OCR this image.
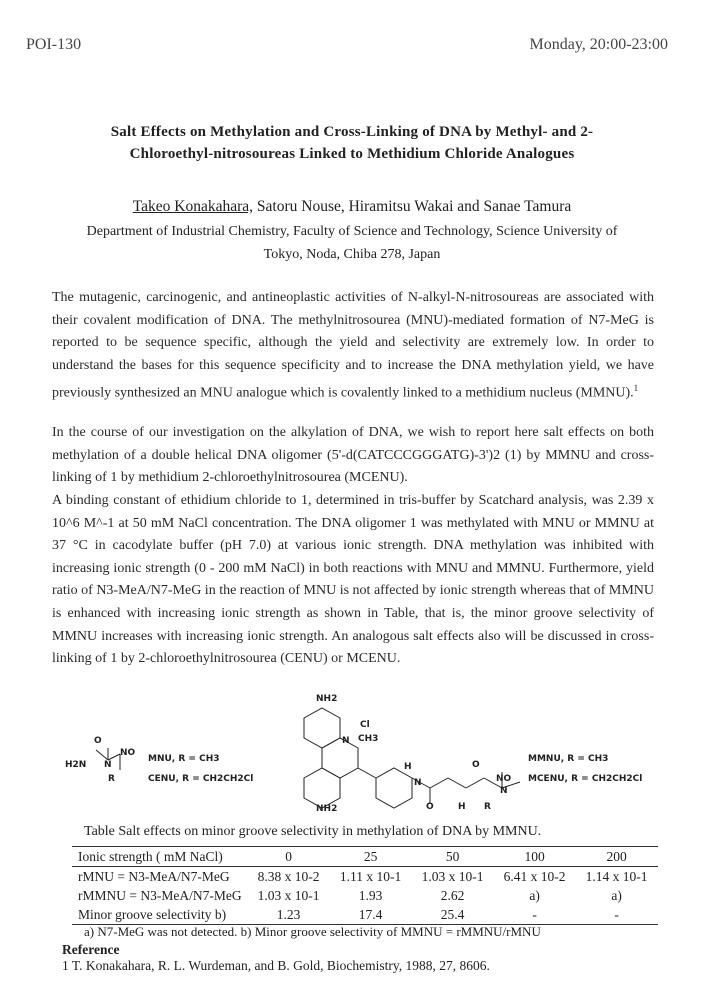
POI-130	Monday, 20:00-23:00
Salt Effects on Methylation and Cross-Linking of DNA by Methyl- and 2-
Chloroethyl-nitrosoureas Linked to Methidium Chloride Analogues
Takeo Konakahara, Satoru Nouse, Hiramitsu Wakai and Sanae Tamura
Department of Industrial Chemistry, Faculty of Science and Technology, Science University of
Tokyo, Noda, Chiba 278, Japan
The mutagenic, carcinogenic, and antineoplastic activities of N-alkyl-N-nitrosoureas are associated with their covalent modification of DNA. The methylnitrosourea (MNU)-mediated formation of N7-MeG is reported to be sequence specific, although the yield and selectivity are extremely low. In order to understand the bases for this sequence specificity and to increase the DNA methylation yield, we have previously synthesized an MNU analogue which is covalently linked to a methidium nucleus (MMNU).$^1$
In the course of our investigation on the alkylation of DNA, we wish to report here salt effects on both methylation of a double helical DNA oligomer (5'-d(CATCCCGGGATG)-3')2 (1) by MMNU and cross-linking of 1 by methidium 2-chloroethylnitrosourea (MCENU).
A binding constant of ethidium chloride to 1, determined in tris-buffer by Scatchard analysis, was 2.39 x 10^6 M^-1 at 50 mM NaCl concentration. The DNA oligomer 1 was methylated with MNU or MMNU at 37 °C in cacodylate buffer (pH 7.0) at various ionic strength. DNA methylation was inhibited with increasing ionic strength (0 - 200 mM NaCl) in both reactions with MNU and MMNU. Furthermore, yield ratio of N3-MeA/N7-MeG in the reaction of MNU is not affected by ionic strength whereas that of MMNU is enhanced with increasing ionic strength as shown in Table, that is, the minor groove selectivity of MMNU increases with increasing ionic strength. An analogous salt effects also will be discussed in cross-linking of 1 by 2-chloroethylnitrosourea (CENU) or MCENU.
O
H2N N
NO
R
MNU, R = CH3
CENU, R = CH2CH2Cl
NH2
Cl
N CH3
NH2
H
N
O
N
NO
O
H R
MMNU, R = CH3
MCENU, R = CH2CH2Cl
Table Salt effects on minor groove selectivity in methylation of DNA by MMNU.
Ionic strength ( mM NaCl)	0	25	50	100	200
rMNU = N3-MeA/N7-MeG	8.38 x 10-2	1.11 x 10-1	1.03 x 10-1	6.41 x 10-2	1.14 x 10-1
rMMNU = N3-MeA/N7-MeG	1.03 x 10-1	1.93	2.62	a)	a)
Minor groove selectivity b)	1.23	17.4	25.4	-	-
a) N7-MeG was not detected. b) Minor groove selectivity of MMNU = rMMNU/rMNU
Reference
1 T. Konakahara, R. L. Wurdeman, and B. Gold, Biochemistry, 1988, 27, 8606.
